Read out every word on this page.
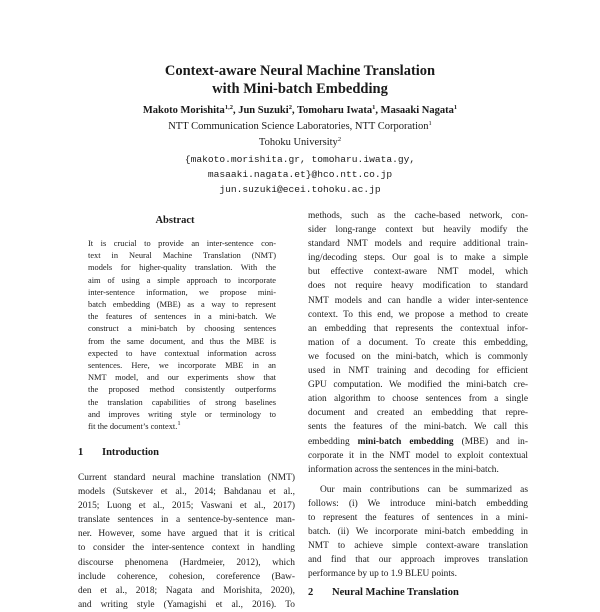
Context-aware Neural Machine Translation
with Mini-batch Embedding
Makoto Morishita$^{1,2}$, Jun Suzuki$^2$, Tomoharu Iwata$^1$, Masaaki Nagata$^1$
NTT Communication Science Laboratories, NTT Corporation$^1$
Tohoku University$^2$
{makoto.morishita.gr, tomoharu.iwata.gy,
masaaki.nagata.et}@hco.ntt.co.jp
jun.suzuki@ecei.tohoku.ac.jp
Abstract
It is crucial to provide an inter-sentence con-
text in Neural Machine Translation (NMT)
models for higher-quality translation. With the
aim of using a simple approach to incorporate
inter-sentence information, we propose mini-
batch embedding (MBE) as a way to represent
the features of sentences in a mini-batch. We
construct a mini-batch by choosing sentences
from the same document, and thus the MBE is
expected to have contextual information across
sentences. Here, we incorporate MBE in an
NMT model, and our experiments show that
the proposed method consistently outperforms
the translation capabilities of strong baselines
and improves writing style or terminology to
fit the document’s context.$^1$
1 Introduction
Current standard neural machine translation (NMT)
models (Sutskever et al., 2014; Bahdanau et al.,
2015; Luong et al., 2015; Vaswani et al., 2017)
translate sentences in a sentence-by-sentence man-
ner. However, some have argued that it is critical
to consider the inter-sentence context in handling
discourse phenomena (Hardmeier, 2012), which
include coherence, cohesion, coreference (Baw-
den et al., 2018; Nagata and Morishita, 2020),
and writing style (Yamagishi et al., 2016). To
methods, such as the cache-based network, con-
sider long-range context but heavily modify the
standard NMT models and require additional train-
ing/decoding steps. Our goal is to make a simple
but effective context-aware NMT model, which
does not require heavy modification to standard
NMT models and can handle a wider inter-sentence
context. To this end, we propose a method to create
an embedding that represents the contextual infor-
mation of a document. To create this embedding,
we focused on the mini-batch, which is commonly
used in NMT training and decoding for efficient
GPU computation. We modified the mini-batch cre-
ation algorithm to choose sentences from a single
document and created an embedding that repre-
sents the features of the mini-batch. We call this
embedding mini-batch embedding (MBE) and in-
corporate it in the NMT model to exploit contextual
information across the sentences in the mini-batch.
Our main contributions can be summarized as
follows: (i) We introduce mini-batch embedding
to represent the features of sentences in a mini-
batch. (ii) We incorporate mini-batch embedding in
NMT to achieve simple context-aware translation
and find that our approach improves translation
performance by up to 1.9 BLEU points.
2 Neural Machine Translation
